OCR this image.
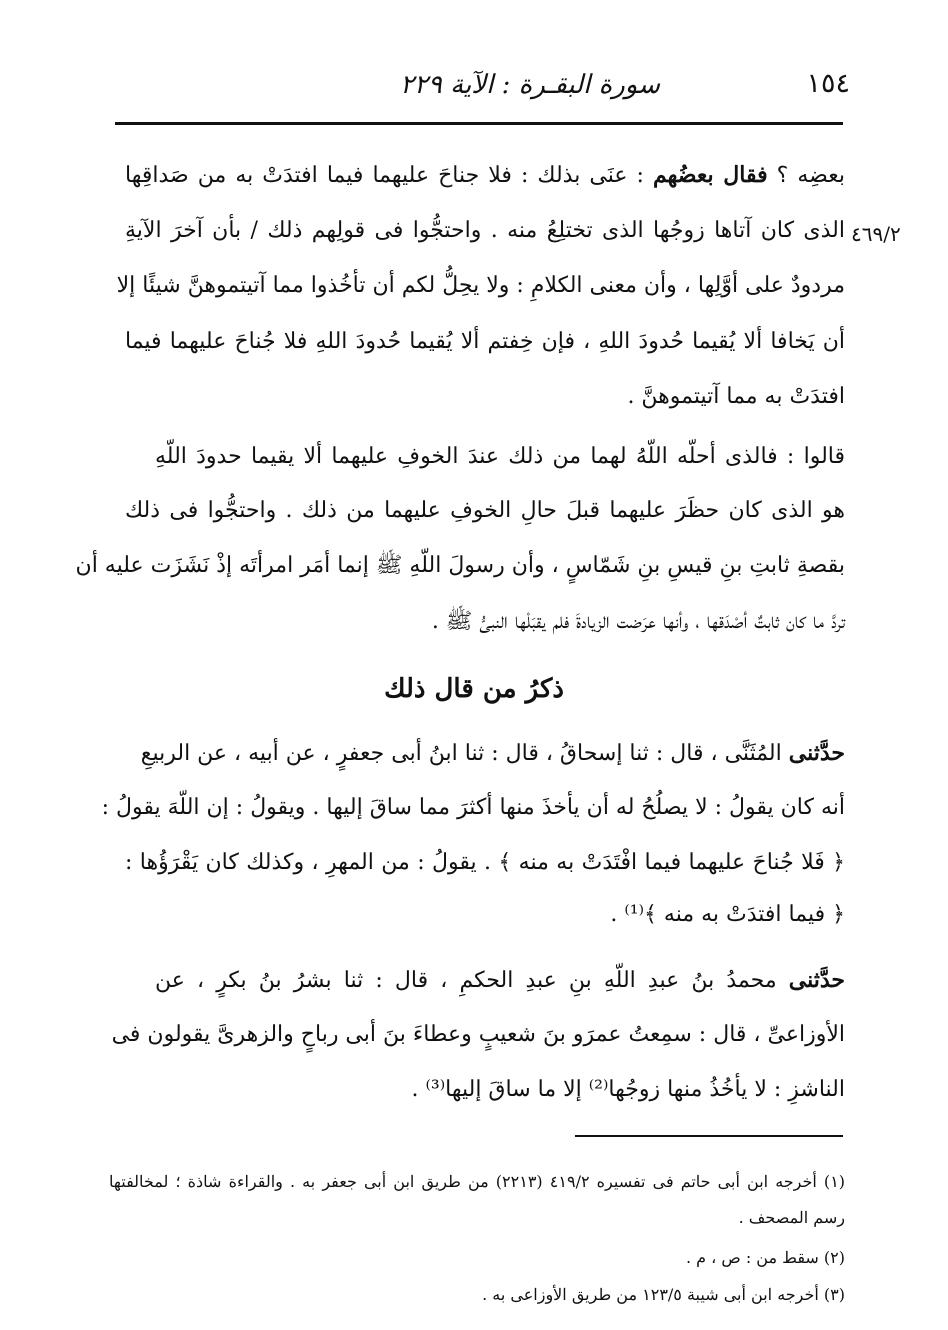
١٥٤
سورة البقـرة : الآية ٢٢٩
٤٦٩/٢
بعضِه ؟ فقال بعضُهم : عنَى بذلك : فلا جناحَ عليهما فيما افتدَتْ به من صَداقِها
الذى كان آتاها زوجُها الذى تختلِعُ منه . واحتجُّوا فى قولِهم ذلك / بأن آخرَ الآيةِ
مردودٌ على أوَّلِها ، وأن معنى الكلامِ : ولا يحِلُّ لكم أن تأخُذوا مما آتيتموهنَّ شيئًا إلا
أن يَخافا ألا يُقيما حُدودَ اللهِ ، فإن خِفتم ألا يُقيما حُدودَ اللهِ فلا جُناحَ عليهما فيما
افتدَتْ به مما آتيتموهنَّ .
قالوا : فالذى أحلّه اللّهُ لهما من ذلك عندَ الخوفِ عليهما ألا يقيما حدودَ اللّهِ
هو الذى كان حظَرَ عليهما قبلَ حالِ الخوفِ عليهما من ذلك . واحتجُّوا فى ذلك
بقصةِ ثابتِ بنِ قيسِ بنِ شَمّاسٍ ، وأن رسولَ اللّهِ ﷺ إنما أمَر امرأتَه إذْ نَشَزَت عليه أن
تردَّ ما كان ثابتٌ أصْدَقها ، وأنها عرَضت الزيادةَ فلم يقبَلْها النبىُّ ﷺ .
ذكرُ من قال ذلك
حدَّثنى المُثَنَّى ، قال : ثنا إسحاقُ ، قال : ثنا ابنُ أبى جعفرٍ ، عن أبيه ، عن الربيعِ
أنه كان يقولُ : لا يصلُحُ له أن يأخذَ منها أكثرَ مما ساقَ إليها . ويقولُ : إن اللّهَ يقولُ :
﴿ فَلا جُناحَ عليهما فيما افْتَدَتْ به منه ﴾ . يقولُ : من المهرِ ، وكذلك كان يَقْرَؤُها :
﴿ فيما افتدَتْ به منه ﴾⁽¹⁾ .
حدَّثنى محمدُ بنُ عبدِ اللّهِ بنِ عبدِ الحكمِ ، قال : ثنا بشرُ بنُ بكرٍ ، عن
الأوزاعىِّ ، قال : سمِعتُ عمرَو بنَ شعيبٍ وعطاءَ بنَ أبى رباحٍ والزهرىَّ يقولون فى
الناشزِ : لا يأخُذُ منها زوجُها⁽²⁾ إلا ما ساقَ إليها⁽³⁾ .
(١) أخرجه ابن أبى حاتم فى تفسيره ٤١٩/٢ (٢٢١٣) من طريق ابن أبى جعفر به . والقراءة شاذة ؛ لمخالفتها
رسم المصحف .
(٢) سقط من : ص ، م .
(٣) أخرجه ابن أبى شيبة ١٢٣/٥ من طريق الأوزاعى به .
